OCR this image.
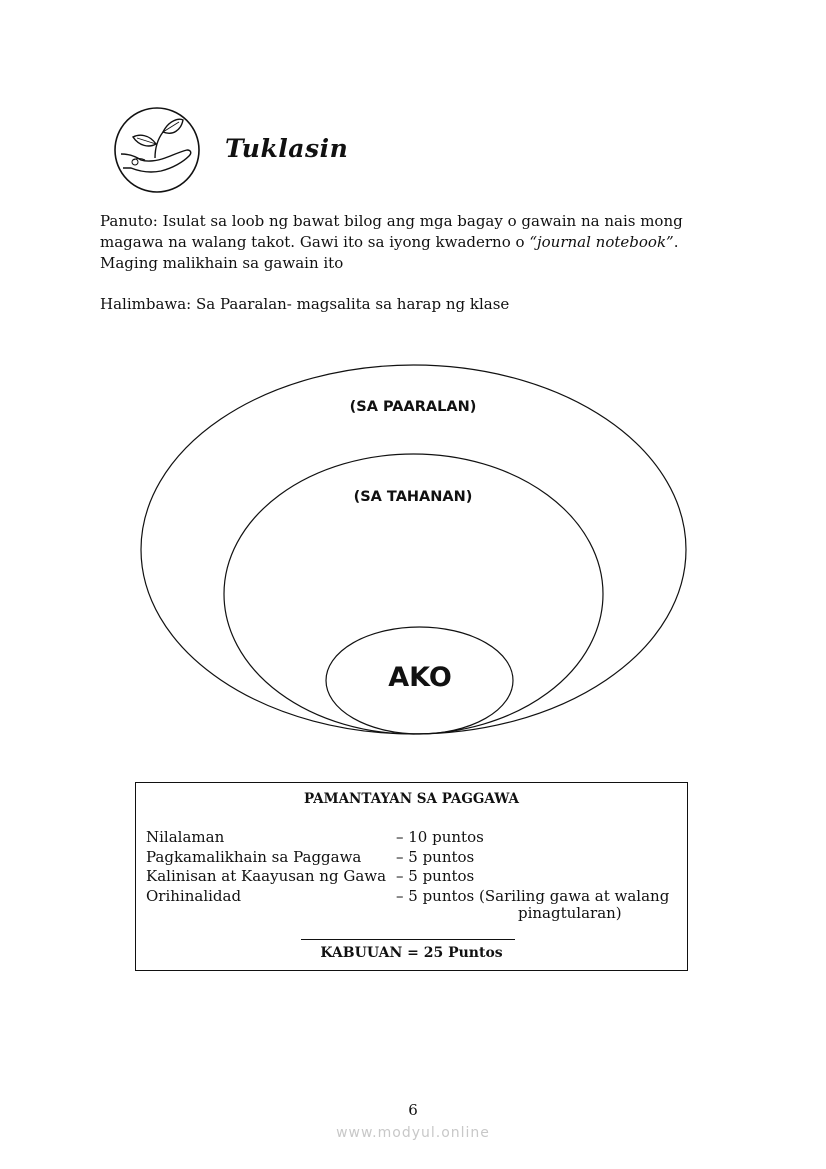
Tuklasin
Panuto: Isulat sa loob ng bawat bilog ang mga bagay o gawain na nais mong magawa na walang takot. Gawi ito sa iyong kwaderno o “journal notebook”. Maging malikhain sa gawain ito
Halimbawa: Sa Paaralan- magsalita sa harap ng klase
(SA PAARALAN)
(SA TAHANAN)
AKO
PAMANTAYAN SA PAGGAWA
Nilalaman	– 10 puntos
Pagkamalikhain sa Paggawa – 5 puntos
Kalinisan at Kaayusan ng Gawa – 5 puntos
Orihinalidad	– 5 puntos (Sariling gawa at walang
pinagtularan)
KABUUAN = 25 Puntos
6
www.modyul.online
